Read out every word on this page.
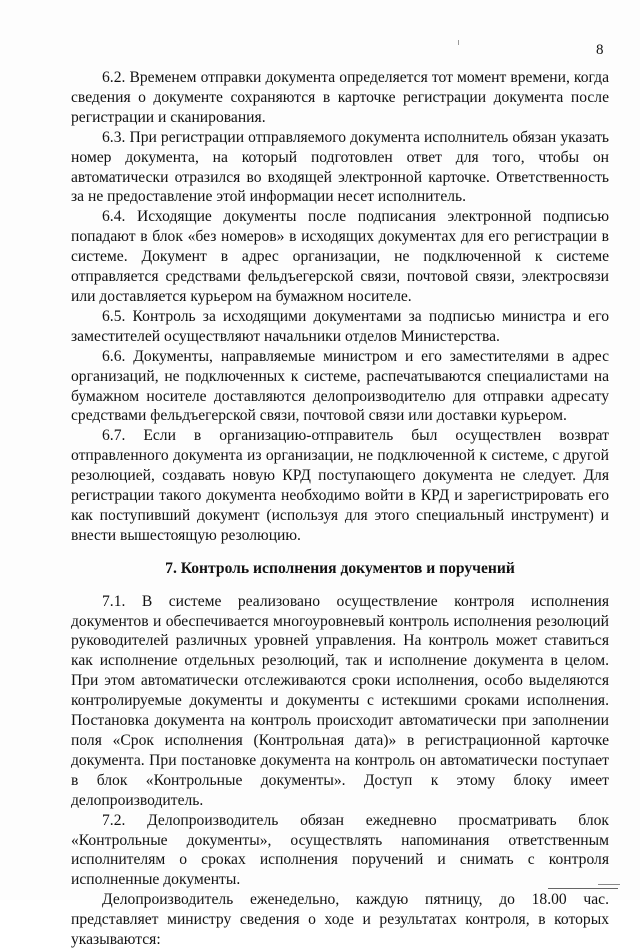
8

6.2. Временем отправки документа определяется тот момент времени, когда сведения о документе сохраняются в карточке регистрации документа после регистрации и сканирования.

6.3. При регистрации отправляемого документа исполнитель обязан указать номер документа, на который подготовлен ответ для того, чтобы он автоматически отразился во входящей электронной карточке. Ответственность за не предоставление этой информации несет исполнитель.

6.4. Исходящие документы после подписания электронной подписью попадают в блок «без номеров» в исходящих документах для его регистрации в системе. Документ в адрес организации, не подключенной к системе отправляется средствами фельдъегерской связи, почтовой связи, электросвязи или доставляется курьером на бумажном носителе.

6.5. Контроль за исходящими документами за подписью министра и его заместителей осуществляют начальники отделов Министерства.

6.6. Документы, направляемые министром и его заместителями в адрес организаций, не подключенных к системе, распечатываются специалистами на бумажном носителе доставляются делопроизводителю для отправки адресату средствами фельдъегерской связи, почтовой связи или доставки курьером.

6.7. Если в организацию-отправитель был осуществлен возврат отправленного документа из организации, не подключенной к системе, с другой резолюцией, создавать новую КРД поступающего документа не следует. Для регистрации такого документа необходимо войти в КРД и зарегистрировать его как поступивший документ (используя для этого специальный инструмент) и внести вышестоящую резолюцию.

7. Контроль исполнения документов и поручений

7.1. В системе реализовано осуществление контроля исполнения документов и обеспечивается многоуровневый контроль исполнения резолюций руководителей различных уровней управления. На контроль может ставиться как исполнение отдельных резолюций, так и исполнение документа в целом. При этом автоматически отслеживаются сроки исполнения, особо выделяются контролируемые документы и документы с истекшими сроками исполнения. Постановка документа на контроль происходит автоматически при заполнении поля «Срок исполнения (Контрольная дата)» в регистрационной карточке документа. При постановке документа на контроль он автоматически поступает в блок «Контрольные документы». Доступ к этому блоку имеет делопроизводитель.

7.2. Делопроизводитель обязан ежедневно просматривать блок «Контрольные документы», осуществлять напоминания ответственным исполнителям о сроках исполнения поручений и снимать с контроля исполненные документы.

Делопроизводитель еженедельно, каждую пятницу, до 18.00 час. представляет министру сведения о ходе и результатах контроля, в которых указываются:
